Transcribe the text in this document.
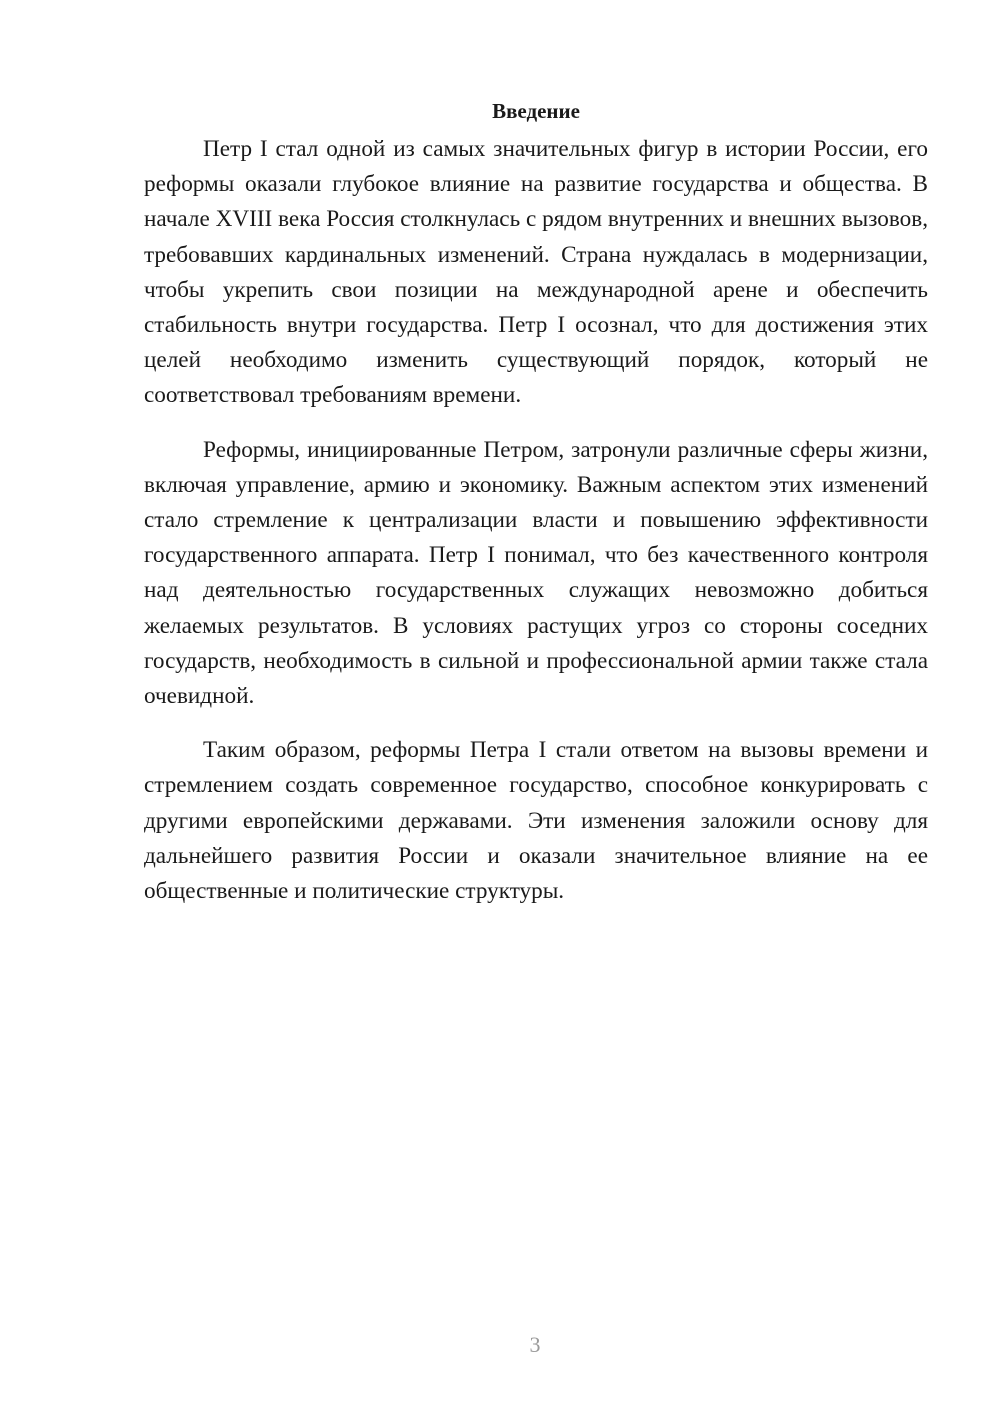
Введение

Петр I стал одной из самых значительных фигур в истории России, его реформы оказали глубокое влияние на развитие государства и общества. В начале XVIII века Россия столкнулась с рядом внутренних и внешних вызовов, требовавших кардинальных изменений. Страна нуждалась в модернизации, чтобы укрепить свои позиции на международной арене и обеспечить стабильность внутри государства. Петр I осознал, что для достижения этих целей необходимо изменить существующий порядок, который не соответствовал требованиям времени.

Реформы, инициированные Петром, затронули различные сферы жизни, включая управление, армию и экономику. Важным аспектом этих изменений стало стремление к централизации власти и повышению эффективности государственного аппарата. Петр I понимал, что без качественного контроля над деятельностью государственных служащих невозможно добиться желаемых результатов. В условиях растущих угроз со стороны соседних государств, необходимость в сильной и профессиональной армии также стала очевидной.

Таким образом, реформы Петра I стали ответом на вызовы времени и стремлением создать современное государство, способное конкурировать с другими европейскими державами. Эти изменения заложили основу для дальнейшего развития России и оказали значительное влияние на ее общественные и политические структуры.

3
